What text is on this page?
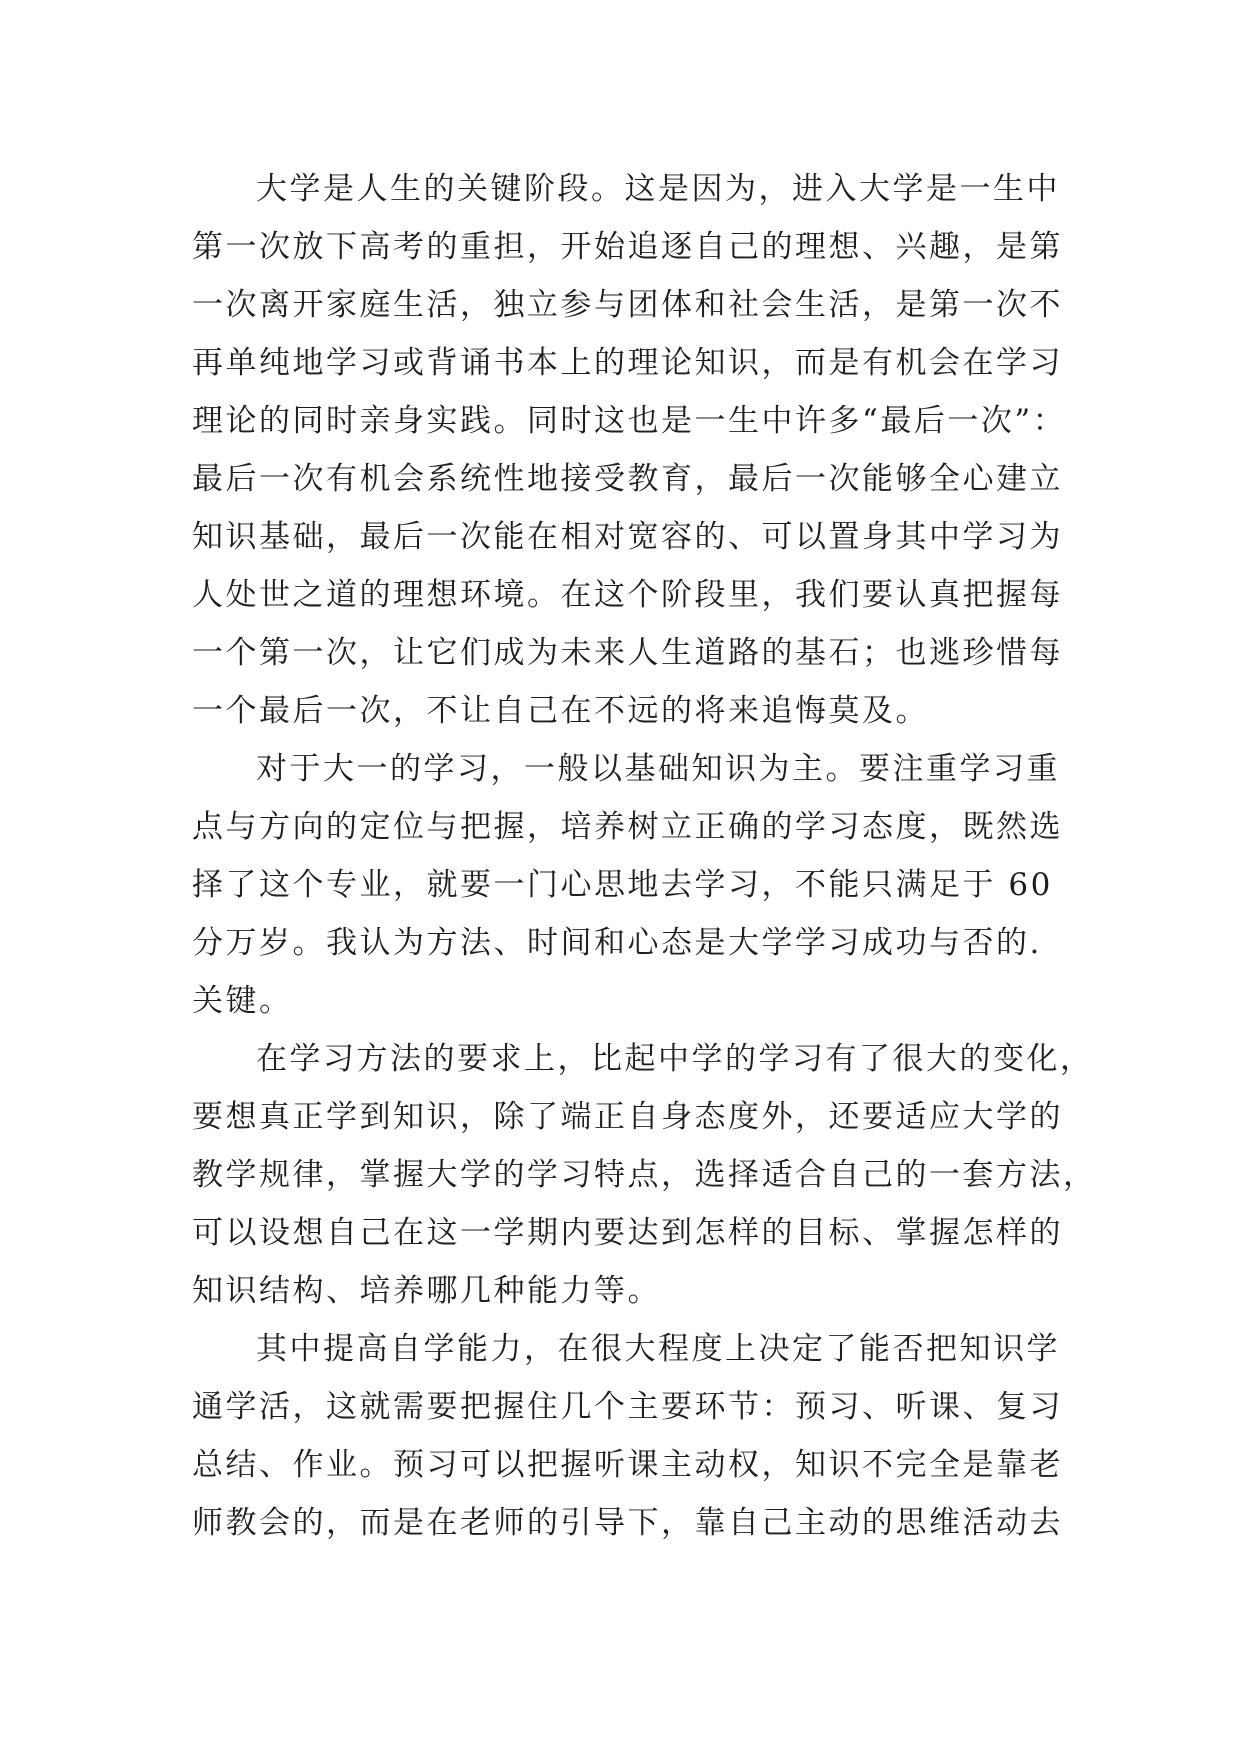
大学是人生的关键阶段。这是因为，进入大学是一生中
第一次放下高考的重担，开始追逐自己的理想、兴趣，是第
一次离开家庭生活，独立参与团体和社会生活，是第一次不
再单纯地学习或背诵书本上的理论知识，而是有机会在学习
理论的同时亲身实践。同时这也是一生中许多“最后一次”：
最后一次有机会系统性地接受教育，最后一次能够全心建立
知识基础，最后一次能在相对宽容的、可以置身其中学习为
人处世之道的理想环境。在这个阶段里，我们要认真把握每
一个第一次，让它们成为未来人生道路的基石；也逃珍惜每
一个最后一次，不让自己在不远的将来追悔莫及。
对于大一的学习，一般以基础知识为主。要注重学习重
点与方向的定位与把握，培养树立正确的学习态度，既然选
择了这个专业，就要一门心思地去学习，不能只满足于 60
分万岁。我认为方法、时间和心态是大学学习成功与否的.
关键。
在学习方法的要求上，比起中学的学习有了很大的变化，
要想真正学到知识，除了端正自身态度外，还要适应大学的
教学规律，掌握大学的学习特点，选择适合自己的一套方法，
可以设想自己在这一学期内要达到怎样的目标、掌握怎样的
知识结构、培养哪几种能力等。
其中提高自学能力，在很大程度上决定了能否把知识学
通学活，这就需要把握住几个主要环节：预习、听课、复习
总结、作业。预习可以把握听课主动权，知识不完全是靠老
师教会的，而是在老师的引导下，靠自己主动的思维活动去
